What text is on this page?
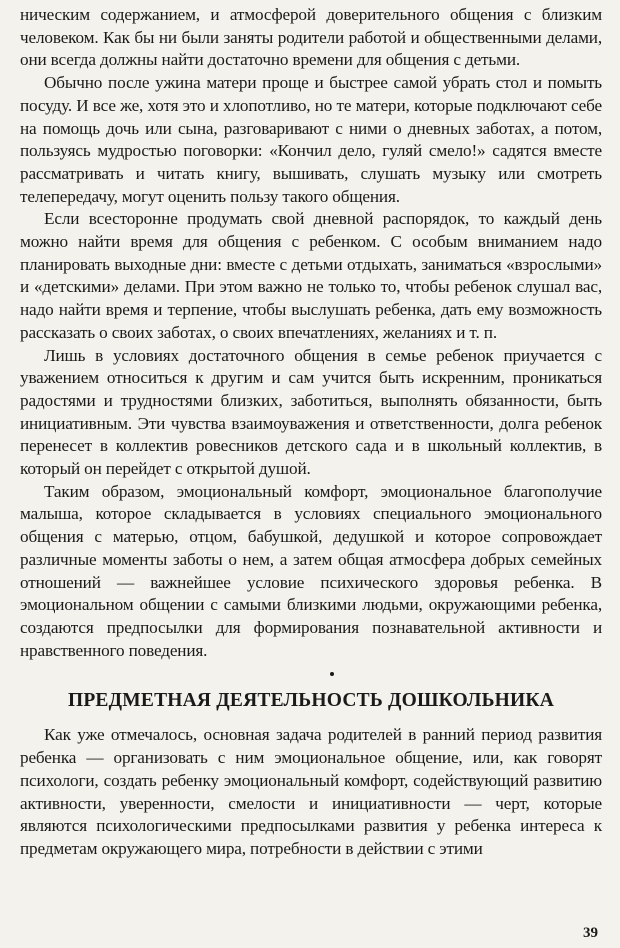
ническим содержанием, и атмосферой доверительного общения с близким человеком. Как бы ни были заняты родители работой и общественными делами, они всегда должны найти достаточно времени для общения с детьми.

Обычно после ужина матери проще и быстрее самой убрать стол и помыть посуду. И все же, хотя это и хлопотливо, но те матери, которые подключают себе на помощь дочь или сына, разговаривают с ними о дневных заботах, а потом, пользуясь мудростью поговорки: «Кончил дело, гуляй смело!» садятся вместе рассматривать и читать книгу, вышивать, слушать музыку или смотреть телепередачу, могут оценить пользу такого общения.

Если всесторонне продумать свой дневной распорядок, то каждый день можно найти время для общения с ребенком. С особым вниманием надо планировать выходные дни: вместе с детьми отдыхать, заниматься «взрослыми» и «детскими» делами. При этом важно не только то, чтобы ребенок слушал вас, надо найти время и терпение, чтобы выслушать ребенка, дать ему возможность рассказать о своих заботах, о своих впечатлениях, желаниях и т. п.

Лишь в условиях достаточного общения в семье ребенок приучается с уважением относиться к другим и сам учится быть искренним, проникаться радостями и трудностями близких, заботиться, выполнять обязанности, быть инициативным. Эти чувства взаимоуважения и ответственности, долга ребенок перенесет в коллектив ровесников детского сада и в школьный коллектив, в который он перейдет с открытой душой.

Таким образом, эмоциональный комфорт, эмоциональное благополучие малыша, которое складывается в условиях специального эмоционального общения с матерью, отцом, бабушкой, дедушкой и которое сопровождает различные моменты заботы о нем, а затем общая атмосфера добрых семейных отношений — важнейшее условие психического здоровья ребенка. В эмоциональном общении с самыми близкими людьми, окружающими ребенка, создаются предпосылки для формирования познавательной активности и нравственного поведения.

ПРЕДМЕТНАЯ ДЕЯТЕЛЬНОСТЬ ДОШКОЛЬНИКА

Как уже отмечалось, основная задача родителей в ранний период развития ребенка — организовать с ним эмоциональное общение, или, как говорят психологи, создать ребенку эмоциональный комфорт, содействующий развитию активности, уверенности, смелости и инициативности — черт, которые являются психологическими предпосылками развития у ребенка интереса к предметам окружающего мира, потребности в действии с этими

39
